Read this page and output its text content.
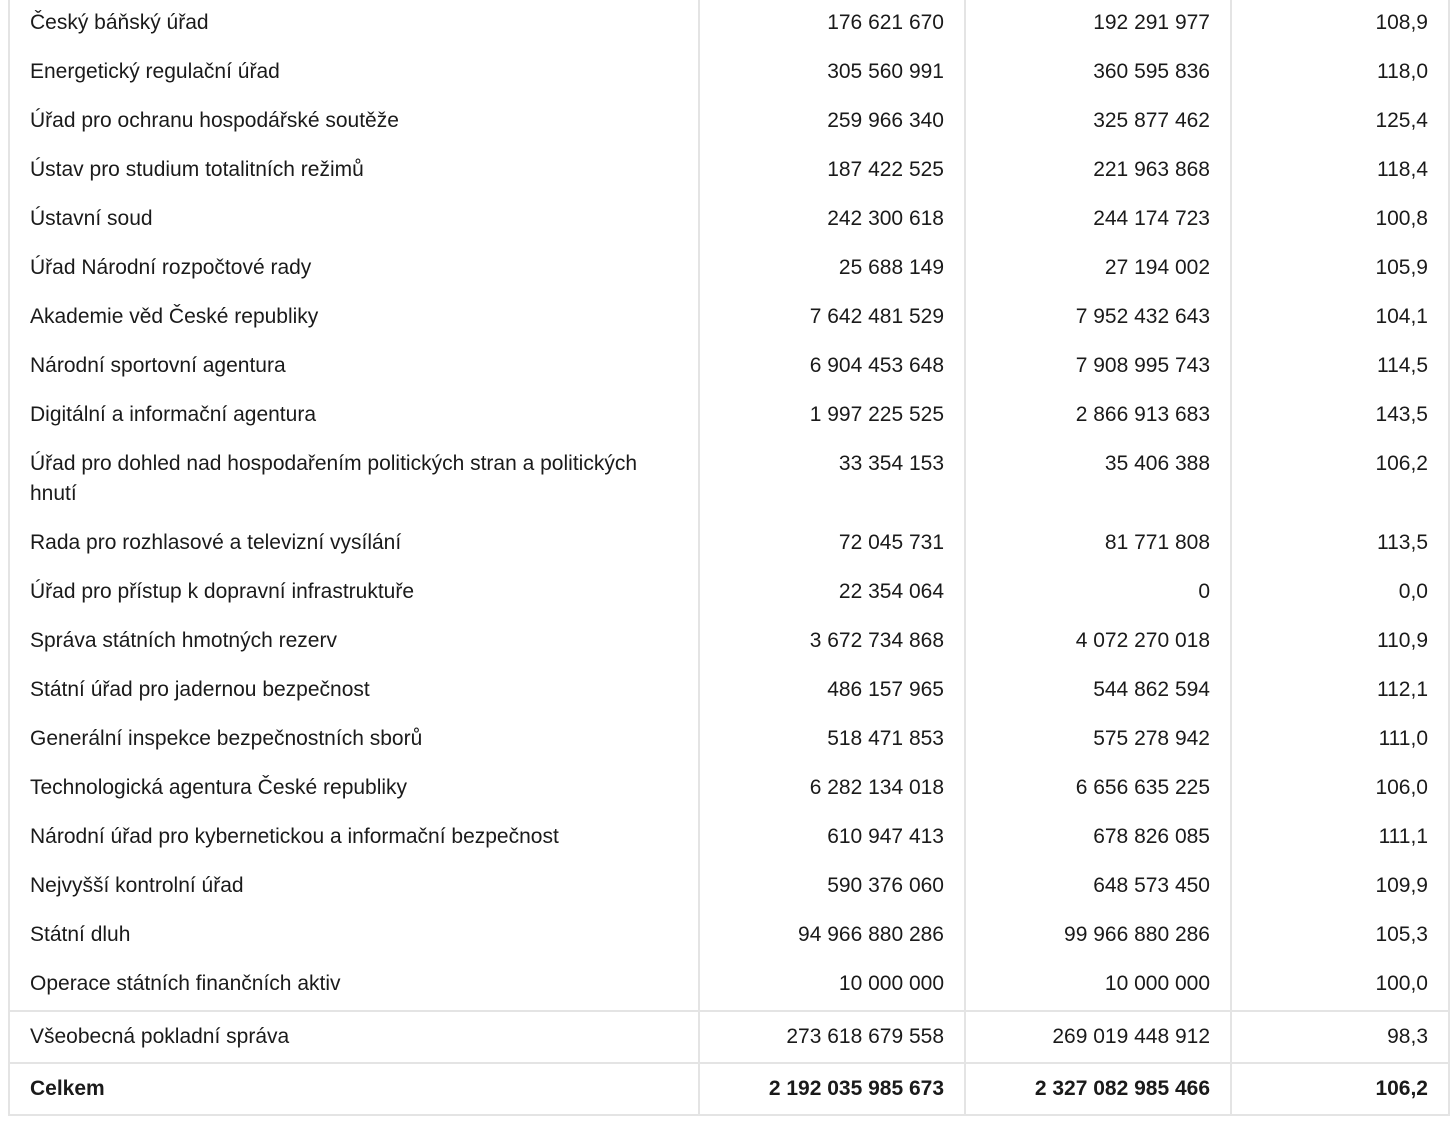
Český báňský úřad	176 621 670	192 291 977	108,9
Energetický regulační úřad	305 560 991	360 595 836	118,0
Úřad pro ochranu hospodářské soutěže	259 966 340	325 877 462	125,4
Ústav pro studium totalitních režimů	187 422 525	221 963 868	118,4
Ústavní soud	242 300 618	244 174 723	100,8
Úřad Národní rozpočtové rady	25 688 149	27 194 002	105,9
Akademie věd České republiky	7 642 481 529	7 952 432 643	104,1
Národní sportovní agentura	6 904 453 648	7 908 995 743	114,5
Digitální a informační agentura	1 997 225 525	2 866 913 683	143,5
Úřad pro dohled nad hospodařením politických stran a politických hnutí	33 354 153	35 406 388	106,2
Rada pro rozhlasové a televizní vysílání	72 045 731	81 771 808	113,5
Úřad pro přístup k dopravní infrastruktuře	22 354 064	0	0,0
Správa státních hmotných rezerv	3 672 734 868	4 072 270 018	110,9
Státní úřad pro jadernou bezpečnost	486 157 965	544 862 594	112,1
Generální inspekce bezpečnostních sborů	518 471 853	575 278 942	111,0
Technologická agentura České republiky	6 282 134 018	6 656 635 225	106,0
Národní úřad pro kybernetickou a informační bezpečnost	610 947 413	678 826 085	111,1
Nejvyšší kontrolní úřad	590 376 060	648 573 450	109,9
Státní dluh	94 966 880 286	99 966 880 286	105,3
Operace státních finančních aktiv	10 000 000	10 000 000	100,0
Všeobecná pokladní správa	273 618 679 558	269 019 448 912	98,3
Celkem	2 192 035 985 673	2 327 082 985 466	106,2
